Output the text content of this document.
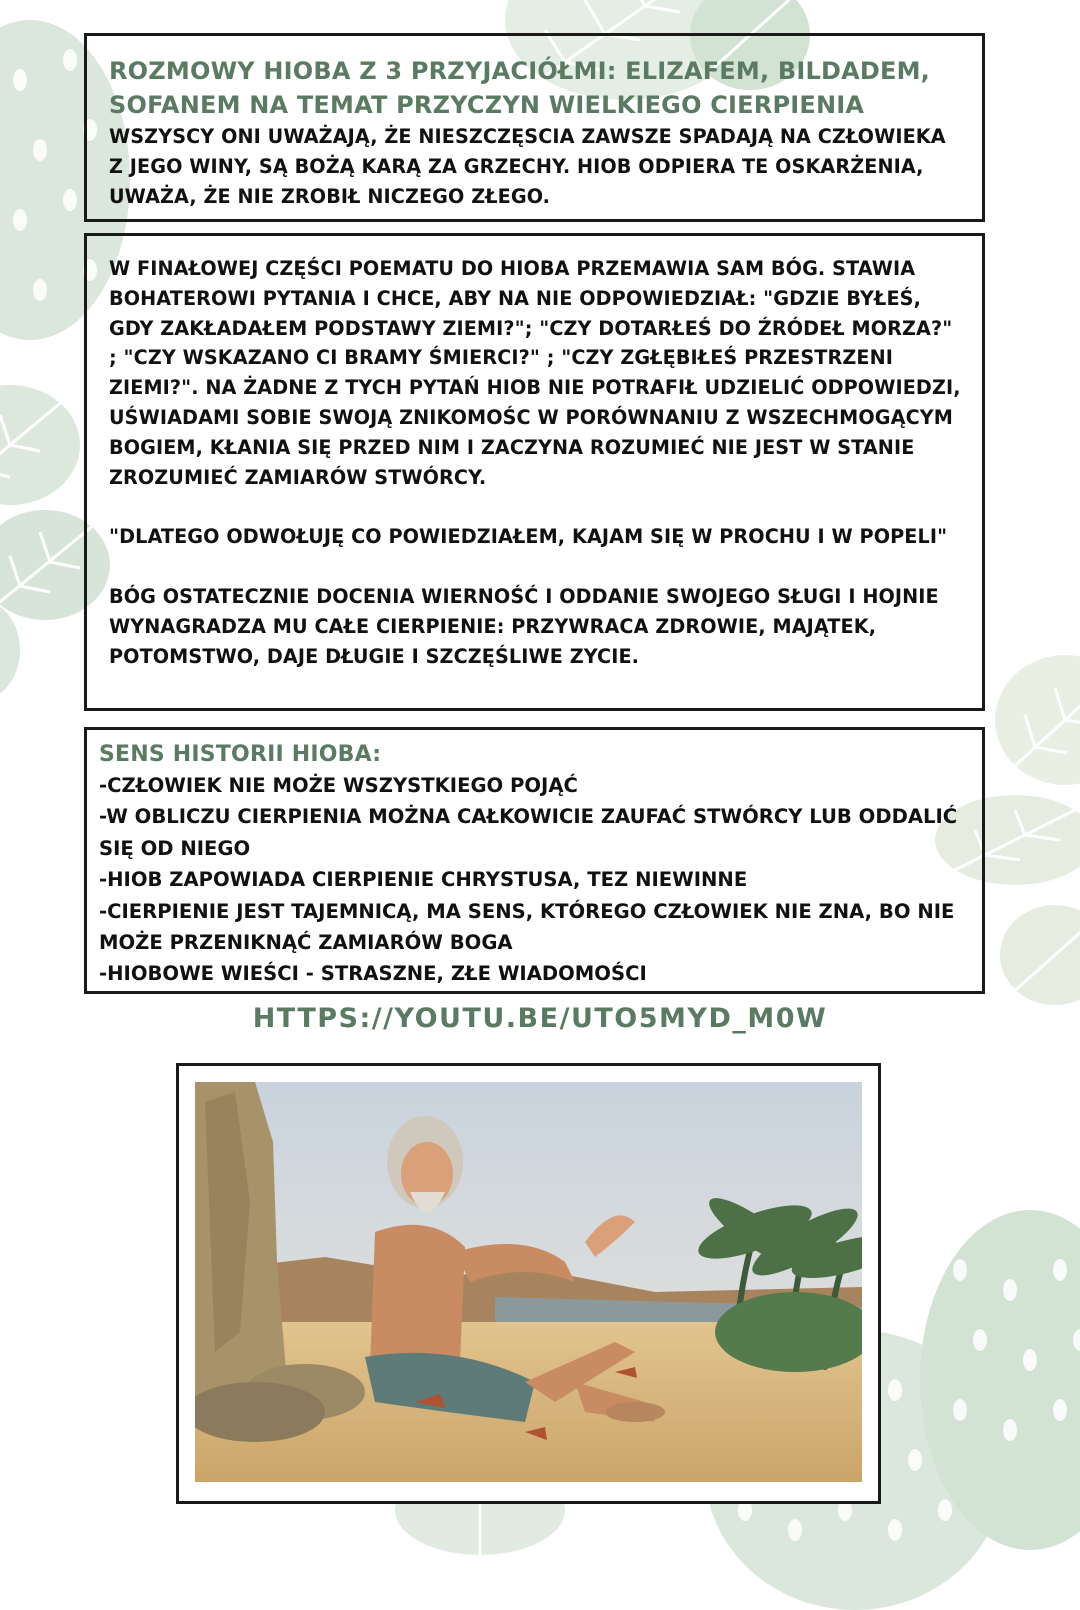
ROZMOWY HIOBA Z 3 PRZYJACIÓŁMI: ELIZAFEM, BILDADEM, SOFANEM NA TEMAT PRZYCZYN WIELKIEGO CIERPIENIA

WSZYSCY ONI UWAŻAJĄ, ŻE NIESZCZĘSCIA ZAWSZE SPADAJĄ NA CZŁOWIEKA Z JEGO WINY, SĄ BOŻĄ KARĄ ZA GRZECHY. HIOB ODPIERA TE OSKARŻENIA, UWAŻA, ŻE NIE ZROBIŁ NICZEGO ZŁEGO.

W FINAŁOWEJ CZĘŚCI POEMATU DO HIOBA PRZEMAWIA SAM BÓG. STAWIA BOHATEROWI PYTANIA I CHCE, ABY NA NIE ODPOWIEDZIAŁ: "GDZIE BYŁEŚ, GDY ZAKŁADAŁEM PODSTAWY ZIEMI?"; "CZY DOTARŁEŚ DO ŹRÓDEŁ MORZA?" ; "CZY WSKAZANO CI BRAMY ŚMIERCI?" ; "CZY ZGŁĘBIŁEŚ PRZESTRZENI ZIEMI?". NA ŻADNE Z TYCH PYTAŃ HIOB NIE POTRAFIŁ UDZIELIĆ ODPOWIEDZI, UŚWIADAMI SOBIE SWOJĄ ZNIKOMOŚC W PORÓWNANIU Z WSZECHMOGĄCYM BOGIEM, KŁANIA SIĘ PRZED NIM I ZACZYNA ROZUMIEĆ NIE JEST W STANIE ZROZUMIEĆ ZAMIARÓW STWÓRCY.

"DLATEGO ODWOŁUJĘ CO POWIEDZIAŁEM, KAJAM SIĘ W PROCHU I W POPELI"

BÓG OSTATECZNIE DOCENIA WIERNOŚĆ I ODDANIE SWOJEGO SŁUGI I HOJNIE WYNAGRADZA MU CAŁE CIERPIENIE: PRZYWRACA ZDROWIE, MAJĄTEK, POTOMSTWO, DAJE DŁUGIE I SZCZĘŚLIWE ZYCIE.

SENS HISTORII HIOBA:
-CZŁOWIEK NIE MOŻE WSZYSTKIEGO POJĄĆ
-W OBLICZU CIERPIENIA MOŻNA CAŁKOWICIE ZAUFAĆ STWÓRCY LUB ODDALIĆ SIĘ OD NIEGO
-HIOB ZAPOWIADA CIERPIENIE CHRYSTUSA, TEZ NIEWINNE
-CIERPIENIE JEST TAJEMNICĄ, MA SENS, KTÓREGO CZŁOWIEK NIE ZNA, BO NIE MOŻE PRZENIKNĄĆ ZAMIARÓW BOGA
-HIOBOWE WIEŚCI - STRASZNE, ZŁE WIADOMOŚCI
HTTPS://YOUTU.BE/UTO5MYD_M0W
